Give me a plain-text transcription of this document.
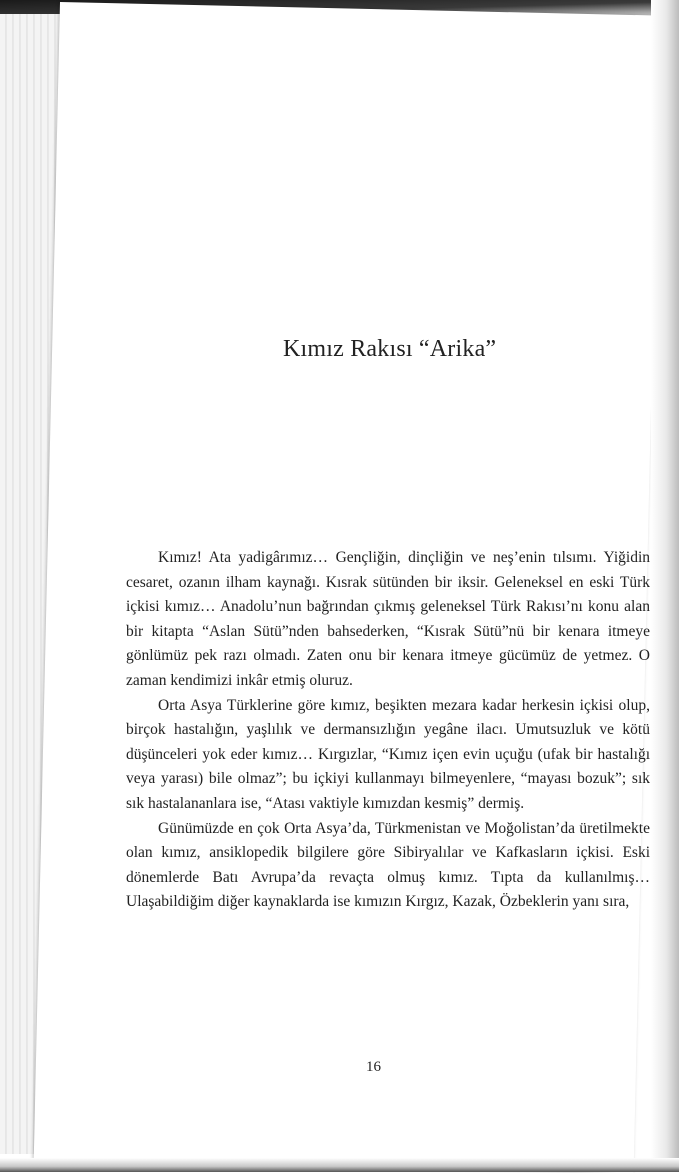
Kımız Rakısı “Arika”

Kımız! Ata yadigârımız… Gençliğin, dinçliğin ve neş’enin tılsımı. Yiğidin cesaret, ozanın ilham kaynağı. Kısrak sütünden bir iksir. Geleneksel en eski Türk içkisi kımız… Anadolu’nun bağrından çıkmış geleneksel Türk Rakısı’nı konu alan bir kitapta “Aslan Sütü”nden bahsederken, “Kısrak Sütü”nü bir kenara itmeye gönlümüz pek razı olmadı. Zaten onu bir kenara itmeye gücümüz de yetmez. O zaman kendimizi inkâr etmiş oluruz.

Orta Asya Türklerine göre kımız, beşikten mezara kadar herkesin içkisi olup, birçok hastalığın, yaşlılık ve dermansızlığın yegâne ilacı. Umutsuzluk ve kötü düşünceleri yok eder kımız… Kırgızlar, “Kımız içen evin uçuğu (ufak bir hastalığı veya yarası) bile olmaz”; bu içkiyi kullanmayı bilmeyenlere, “mayası bozuk”; sık sık hastalananlara ise, “Atası vaktiyle kımızdan kesmiş” dermiş.

Günümüzde en çok Orta Asya’da, Türkmenistan ve Moğolistan’da üretilmekte olan kımız, ansiklopedik bilgilere göre Sibiryalılar ve Kafkasların içkisi. Eski dönemlerde Batı Avrupa’da revaçta olmuş kımız. Tıpta da kullanılmış… Ulaşabildiğim diğer kaynaklarda ise kımızın Kırgız, Kazak, Özbeklerin yanı sıra,

16
